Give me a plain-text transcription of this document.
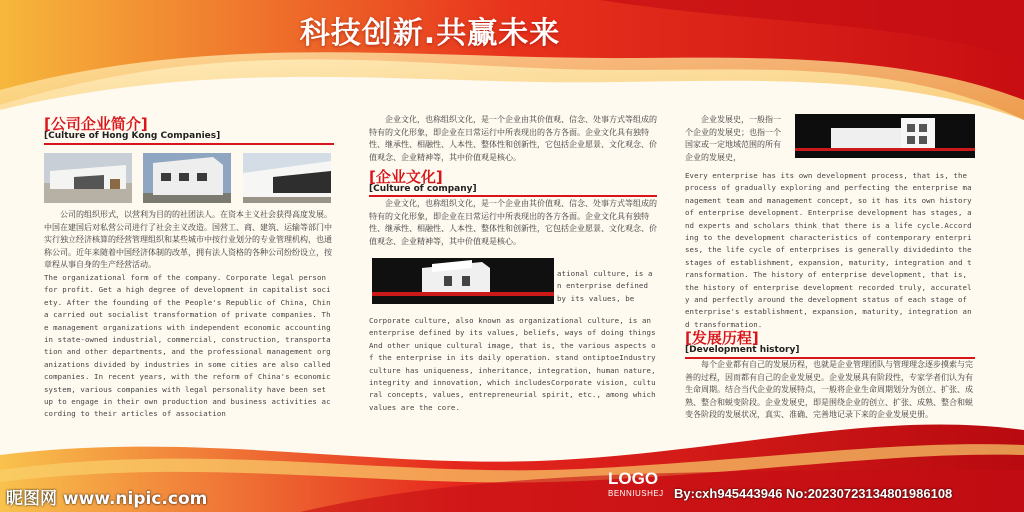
科技创新.共赢未来
[公司企业简介]
[Culture of Hong Kong Companies]

公司的组织形式，以营利为目的的社团法人。在资本主义社会获得高度发展。中国在建国后对私营公司进行了社会主义改造。国营工、商、建筑、运输等部门中实行独立经济核算的经营管理组织和某些城市中按行业划分的专业管理机构，也通称公司。近年来随着中国经济体制的改革，拥有法人资格的各种公司纷纷设立，按章程从事自身的生产经营活动。

The organizational form of the company. Corporate legal person for profit. Get a high degree of development in capitalist society. After the founding of the People's Republic of China, China carried out socialist transformation of private companies. The management organizations with independent economic accounting in state-owned industrial, commercial, construction, transportation and other departments, and the professional management organizations divided by industries in some cities are also called companies. In recent years, with the reform of China's economic system, various companies with legal personality have been set up to engage in their own production and business activities according to their articles of association

企业文化，也称组织文化，是一个企业由其价值观、信念、处事方式等组成的特有的文化形象，即企业在日常运行中所表现出的各方各面。企业文化具有独特性、继承性、相融性、人本性、整体性和创新性，它包括企业愿景、文化观念、价值观念、企业精神等，其中价值观是核心。

[企业文化]
[Culture of company]

企业文化，也称组织文化，是一个企业由其价值观、信念、处事方式等组成的特有的文化形象，即企业在日常运行中所表现出的各方各面。企业文化具有独特性、继承性、相融性、人本性、整体性和创新性，它包括企业愿景、文化观念、价值观念、企业精神等，其中价值观是核心。

ational culture, is an enterprise defined by its values, be

Corporate culture, also known as organizational culture, is an enterprise defined by its values, beliefs, ways of doing things And other unique cultural image, that is, the various aspects of the enterprise in its daily operation. stand ontiptoeIndustry culture has uniqueness, inheritance, integration, human nature, integrity and innovation, which includesCorporate vision, cultural concepts, values, entrepreneurial spirit, etc., among which values are the core.

企业发展史，一般指一个企业的发展史；也指一个国家或一定地域范围的所有企业的发展史，

Every enterprise has its own development process, that is, the process of gradually exploring and perfecting the enterprise management team and management concept, so it has its own history of enterprise development. Enterprise development has stages, and experts and scholars think that there is a life cycle.According to the development characteristics of contemporary enterprises, the life cycle of enterprises is generally dividedinto the stages of establishment, expansion, maturity, integration and transformation. The history of enterprise development, that is, the history of enterprise development recorded truly, accurately and perfectly around the development status of each stage of enterprise's establishment, expansion, maturity, integration and transformation.

[发展历程]
[Development history]

每个企业都有自己的发展历程，也就是企业管理团队与管理理念逐步摸索与完善的过程，因而都有自己的企业发展史。企业发展具有阶段性，专家学者们认为有生命周期。结合当代企业的发展特点，一般将企业生命周期划分为创立、扩张、成熟、整合和蜕变阶段。企业发展史，即是围绕企业的创立、扩张、成熟、整合和蜕变各阶段的发展状况，真实、准确、完善地记录下来的企业发展史册。

LOGO
BENNIUSHEJ
昵图网 www.nipic.com	By:cxh945443946 No:20230723134801986108
